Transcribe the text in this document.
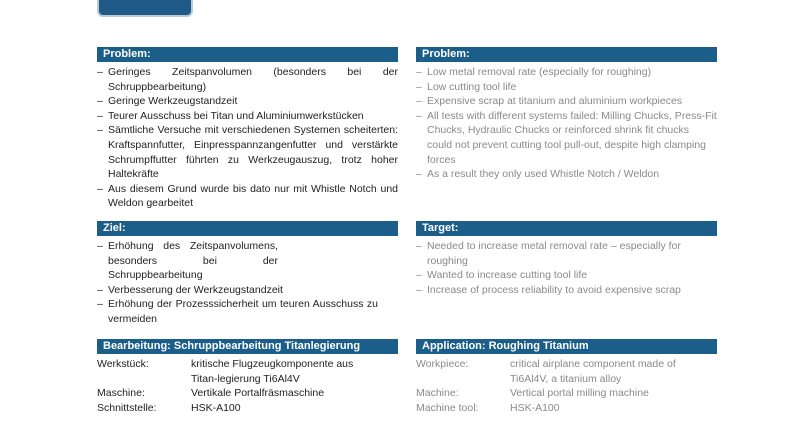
Problem:
– Geringes Zeitspanvolumen (besonders bei der Schruppbearbeitung)
– Geringe Werkzeugstandzeit
– Teurer Ausschuss bei Titan und Aluminiumwerkstücken
– Sämtliche Versuche mit verschiedenen Systemen scheiterten: Kraftspannfutter, Einpresspannzangenfutter und verstärkte Schrumpffutter führten zu Werkzeugauszug, trotz hoher Haltekräfte
– Aus diesem Grund wurde bis dato nur mit Whistle Notch und Weldon gearbeitet
Problem:
– Low metal removal rate (especially for roughing)
– Low cutting tool life
– Expensive scrap at titanium and aluminium workpieces
– All tests with different systems failed: Milling Chucks, Press-Fit Chucks, Hydraulic Chucks or reinforced shrink fit chucks could not prevent cutting tool pull-out, despite high clamping forces
– As a result they only used Whistle Notch / Weldon
Ziel:
– Erhöhung des Zeitspanvolumens, besonders bei der Schruppbearbeitung
– Verbesserung der Werkzeugstandzeit
– Erhöhung der Prozesssicherheit um teuren Ausschuss zu vermeiden
Target:
– Needed to increase metal removal rate – especially for roughing
– Wanted to increase cutting tool life
– Increase of process reliability to avoid expensive scrap
Bearbeitung: Schruppbearbeitung Titanlegierung
Werkstück:	kritische Flugzeugkomponente aus Titan-legierung Ti6Al4V
Maschine:	Vertikale Portalfräsmaschine
Schnittstelle:	HSK-A100
Application: Roughing Titanium
Workpiece:	critical airplane component made of Ti6Al4V, a titanium alloy
Machine:	Vertical portal milling machine
Machine tool:	HSK-A100
